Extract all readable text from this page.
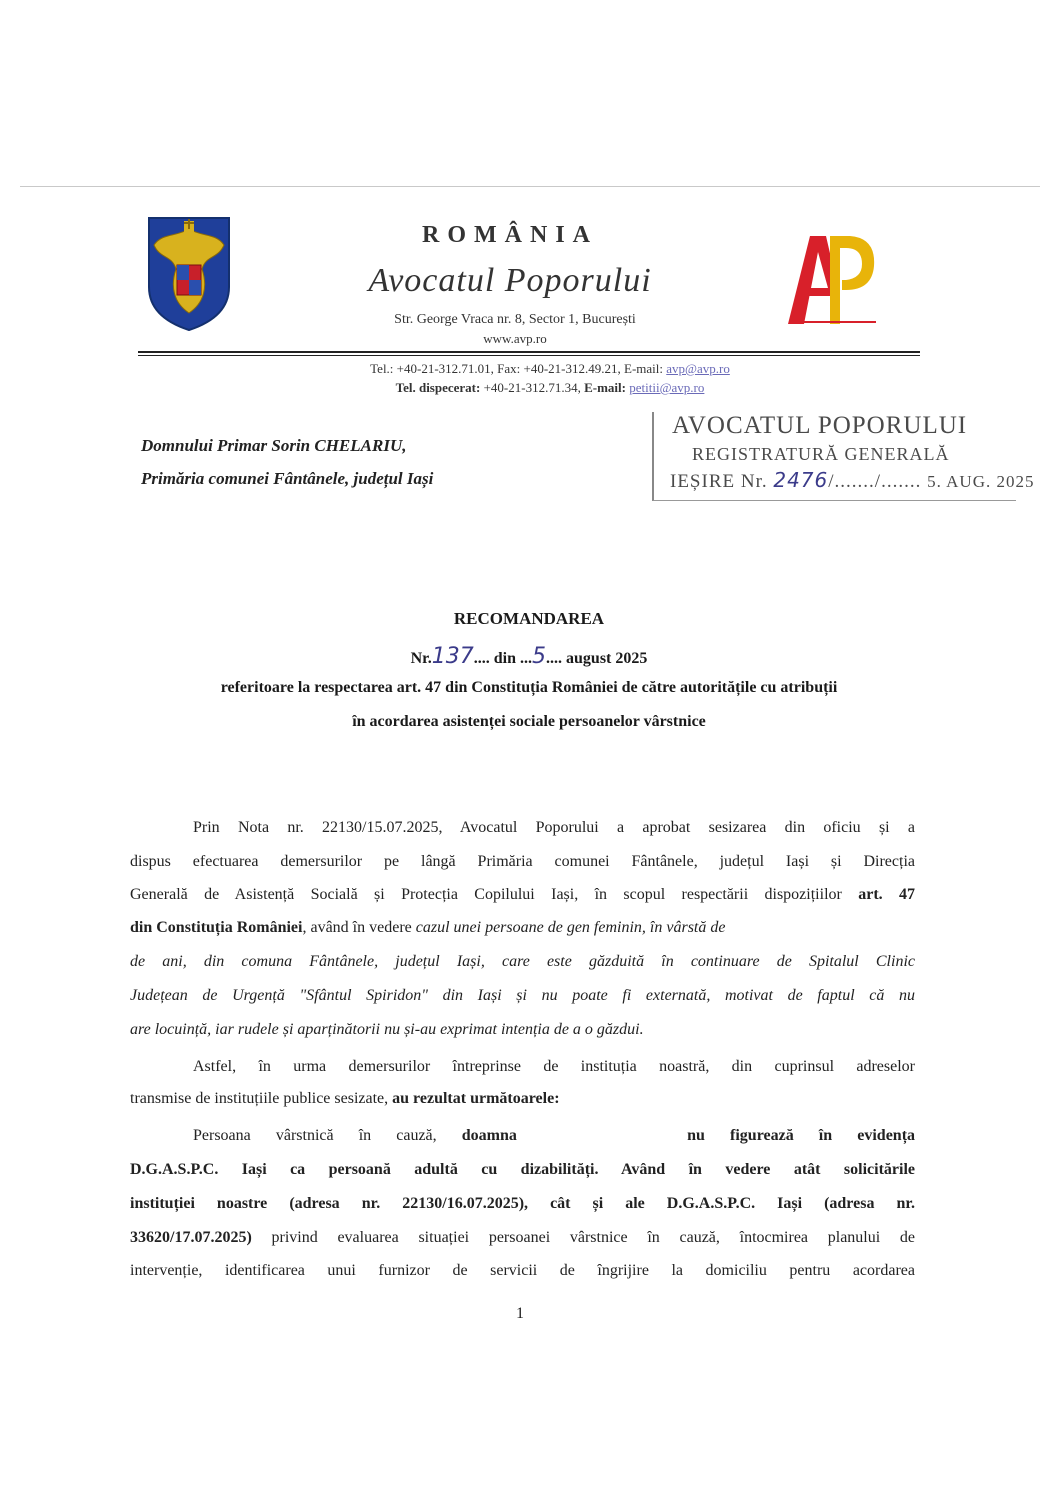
ROMÂNIA
Avocatul Poporului
Str. George Vraca nr. 8, Sector 1, București
www.avp.ro
Tel.: +40-21-312.71.01, Fax: +40-21-312.49.21, E-mail: avp@avp.ro
Tel. dispecerat: +40-21-312.71.34, E-mail: petitii@avp.ro
Domnului Primar Sorin CHELARIU,
Primăria comunei Fântânele, județul Iași
AVOCATUL POPORULUI
REGISTRATURĂ GENERALĂ
IEȘIRE Nr. 2476/......./....... 5. AUG. 2025
RECOMANDAREA
Nr.137.... din ...5.... august 2025
referitoare la respectarea art. 47 din Constituția României de către autoritățile cu atribuții
în acordarea asistenței sociale persoanelor vârstnice
Prin Nota nr. 22130/15.07.2025, Avocatul Poporului a aprobat sesizarea din oficiu și a
dispus efectuarea demersurilor pe lângă Primăria comunei Fântânele, județul Iași și Direcția
Generală de Asistență Socială și Protecția Copilului Iași, în scopul respectării dispozițiilor art. 47
din Constituția României, având în vedere cazul unei persoane de gen feminin, în vârstă de
de ani, din comuna Fântânele, județul Iași, care este găzduită în continuare de Spitalul Clinic
Județean de Urgență "Sfântul Spiridon" din Iași și nu poate fi externată, motivat de faptul că nu
are locuință, iar rudele și aparținătorii nu și-au exprimat intenția de a o găzdui.
Astfel, în urma demersurilor întreprinse de instituția noastră, din cuprinsul adreselor
transmise de instituțiile publice sesizate, au rezultat următoarele:
Persoana vârstnică în cauză, doamna	nu figurează în evidența
D.G.A.S.P.C. Iași ca persoană adultă cu dizabilități. Având în vedere atât solicitările
instituției noastre (adresa nr. 22130/16.07.2025), cât și ale D.G.A.S.P.C. Iași (adresa nr.
33620/17.07.2025) privind evaluarea situației persoanei vârstnice în cauză, întocmirea planului de
intervenție, identificarea unui furnizor de servicii de îngrijire la domiciliu pentru acordarea
1
